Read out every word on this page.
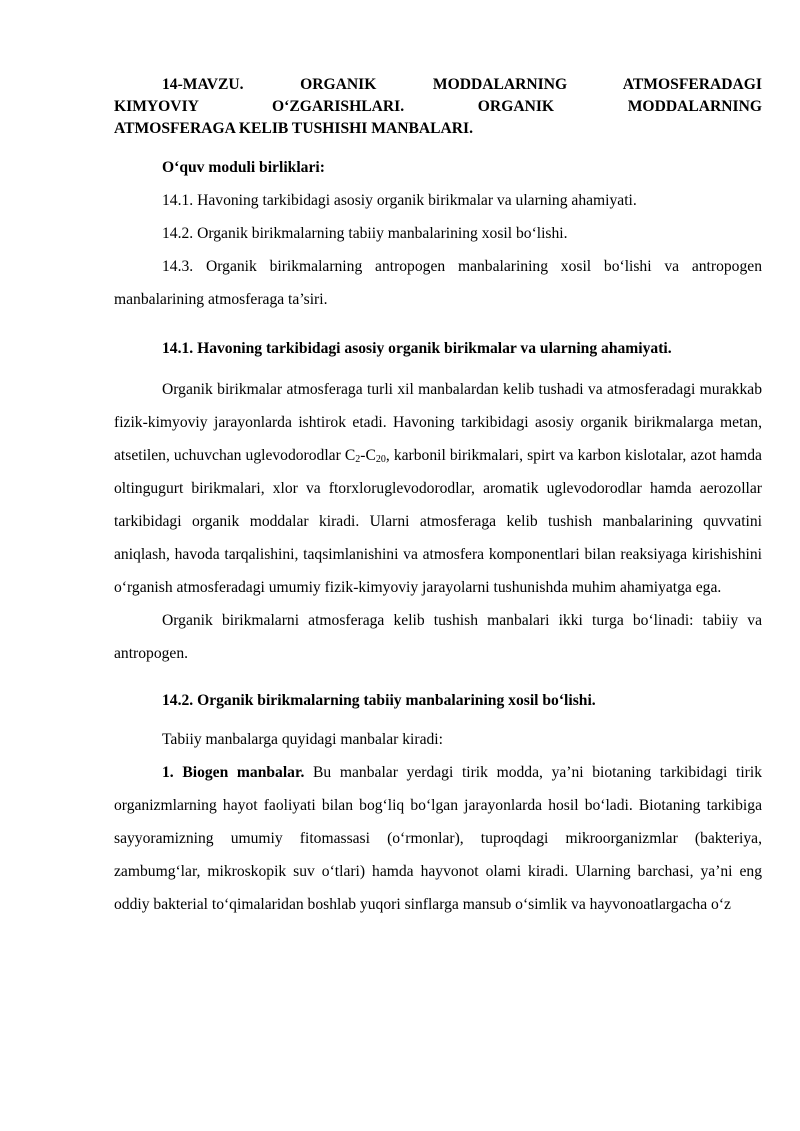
14-MAVZU. ORGANIK MODDALARNING ATMOSFERADAGI
KIMYOVIY O‘ZGARISHLARI. ORGANIK MODDALARNING
ATMOSFERAGA KELIB TUSHISHI MANBALARI.

O‘quv moduli birliklari:

14.1. Havoning tarkibidagi asosiy organik birikmalar va ularning ahamiyati.

14.2. Organik birikmalarning tabiiy manbalarining xosil bo‘lishi.

14.3. Organik birikmalarning antropogen manbalarining xosil bo‘lishi va antropogen manbalarining atmosferaga ta’siri.

14.1. Havoning tarkibidagi asosiy organik birikmalar va ularning ahamiyati.

Organik birikmalar atmosferaga turli xil manbalardan kelib tushadi va atmosferadagi murakkab fizik-kimyoviy jarayonlarda ishtirok etadi. Havoning tarkibidagi asosiy organik birikmalarga metan, atsetilen, uchuvchan uglevodorodlar $C_2-C_{20}$, karbonil birikmalari, spirt va karbon kislotalar, azot hamda oltingugurt birikmalari, xlor va ftorxloruglevodorodlar, aromatik uglevodorodlar hamda aerozollar tarkibidagi organik moddalar kiradi. Ularni atmosferaga kelib tushish manbalarining quvvatini aniqlash, havoda tarqalishini, taqsimlanishini va atmosfera komponentlari bilan reaksiyaga kirishishini o‘rganish atmosferadagi umumiy fizik-kimyoviy jarayolarni tushunishda muhim ahamiyatga ega.

Organik birikmalarni atmosferaga kelib tushish manbalari ikki turga bo‘linadi: tabiiy va antropogen.

14.2. Organik birikmalarning tabiiy manbalarining xosil bo‘lishi.

Tabiiy manbalarga quyidagi manbalar kiradi:

1. Biogen manbalar. Bu manbalar yerdagi tirik modda, ya’ni biotaning tarkibidagi tirik organizmlarning hayot faoliyati bilan bog‘liq bo‘lgan jarayonlarda hosil bo‘ladi. Biotaning tarkibiga sayyoramizning umumiy fitomassasi (o‘rmonlar), tuproqdagi mikroorganizmlar (bakteriya, zambumg‘lar, mikroskopik suv o‘tlari) hamda hayvonot olami kiradi. Ularning barchasi, ya’ni eng oddiy bakterial to‘qimalaridan boshlab yuqori sinflarga mansub o‘simlik va hayvonoatlargacha o‘z
